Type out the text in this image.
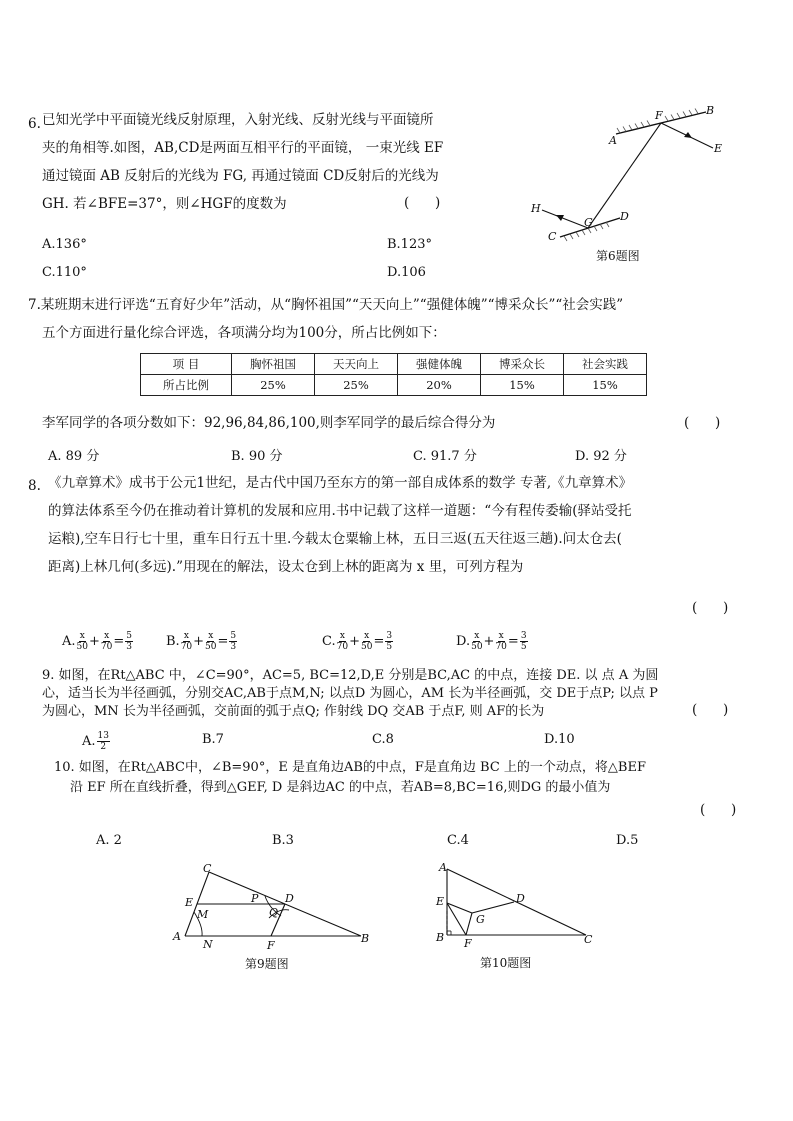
6. 已知光学中平面镜光线反射原理，入射光线、反射光线与平面镜所
夹的角相等.如图，AB,CD是两面互相平行的平面镜， 一束光线 EF
通过镜面 AB 反射后的光线为 FG, 再通过镜面 CD反射后的光线为
GH. 若∠BFE=37°，则∠HGF的度数为	(      )
A.136°	B.123°
C.110°	D.106
A
B
E
F
H
G
C
D
第6题图
7.某班期末进行评选“五育好少年”活动，从“胸怀祖国”“天天向上”“强健体魄”“博采众长”“社会实践”
五个方面进行量化综合评选，各项满分均为100分，所占比例如下：
项 目	胸怀祖国	天天向上	强健体魄	博采众长	社会实践
所占比例	25%	25%	20%	15%	15%
李军同学的各项分数如下：92,96,84,86,100,则李军同学的最后综合得分为	(      )
A. 89 分	B. 90 分	C. 91.7 分	D. 92 分
8. 《九章算术》成书于公元1世纪，是古代中国乃至东方的第一部自成体系的数学 专著,《九章算术》
的算法体系至今仍在推动着计算机的发展和应用.书中记载了这样一道题：“今有程传委输(驿站受托
运粮),空车日行七十里，重车日行五十里.今载太仓粟输上林，五日三返(五天往返三趟).问太仓去(
距离)上林几何(多远).”用现在的解法，设太仓到上林的距离为 x 里，可列方程为
(      )
A. $\frac{x}{50} + \frac{x}{70} = \frac{5}{3}$	B. $\frac{x}{70} + \frac{x}{50} = \frac{5}{3}$	C. $\frac{x}{70} + \frac{x}{50} = \frac{3}{5}$	D. $\frac{x}{50} + \frac{x}{70} = \frac{3}{5}$
9. 如图，在Rt△ABC 中，∠C=90°，AC=5, BC=12,D,E 分别是BC,AC 的中点，连接 DE. 以 点 A 为圆
心，适当长为半径画弧，分别交AC,AB于点M,N; 以点D 为圆心，AM 长为半径画弧，交 DE于点P; 以点 P
为圆心，MN 长为半径画弧，交前面的弧于点Q; 作射线 DQ 交AB 于点F, 则 AF的长为	(      )
A. $\frac{13}{2}$	B.7	C.8	D.10
10. 如图，在Rt△ABC中，∠B=90°，E 是直角边AB的中点，F是直角边 BC 上的一个动点，将△BEF
沿 EF 所在直线折叠，得到△GEF, D 是斜边AC 的中点，若AB=8,BC=16,则DG 的最小值为
(      )
A. 2	B.3	C.4	D.5
C
E
M
P D
Q
A
N	F
B
第9题图
A
D
E
G
B F	C
第10题图
